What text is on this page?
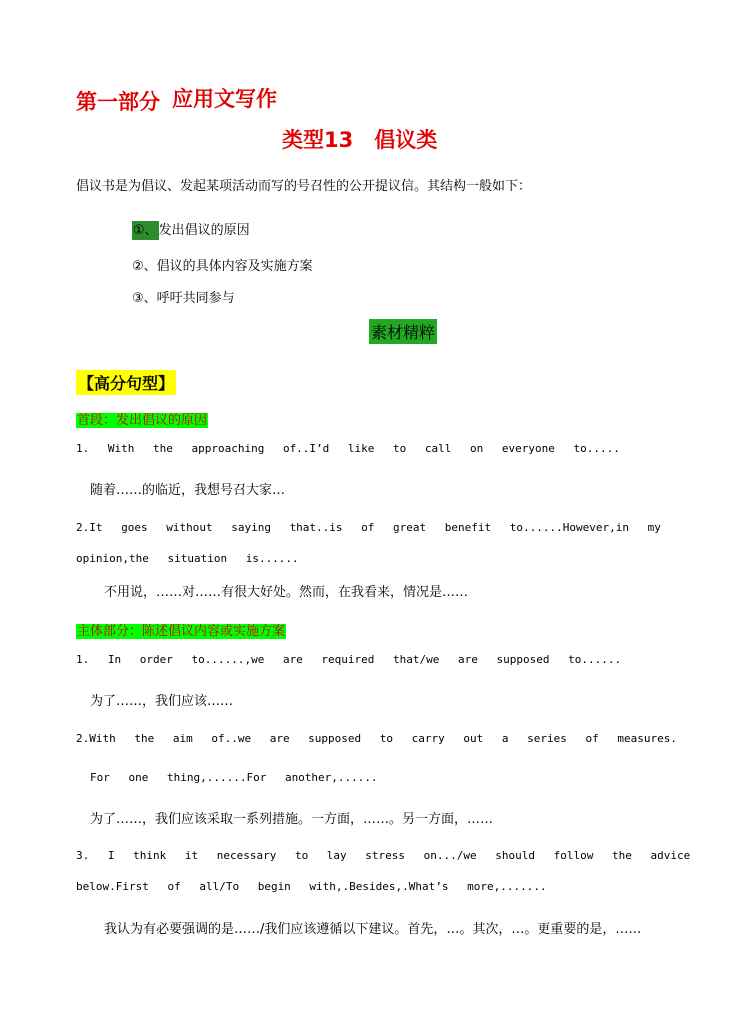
第一部分 应用文写作
类型13　倡议类
倡议书是为倡议、发起某项活动而写的号召性的公开提议信。其结构一般如下：
①、发出倡议的原因
②、倡议的具体内容及实施方案
③、呼吁共同参与
素材精粹
【高分句型】
首段：发出倡议的原因
1. With the approaching of..I’d like to call on everyone to.....
随着……的临近，我想号召大家…
2.It goes without saying that..is of great benefit to......However,in my
opinion,the situation is......
不用说，……对……有很大好处。然而，在我看来，情况是……
主体部分：陈述倡议内容或实施方案
1. In order to......,we are required that/we are supposed to......
为了……，我们应该……
2.With the aim of..we are supposed to carry out a series of measures.
For one thing,......For another,......
为了……，我们应该采取一系列措施。一方面，……。另一方面，……
3. I think it necessary to lay stress on.../we should follow the advice
below.First of all/To begin with,.Besides,.What’s more,.......
我认为有必要强调的是……/我们应该遵循以下建议。首先，…。其次，…。更重要的是，……
